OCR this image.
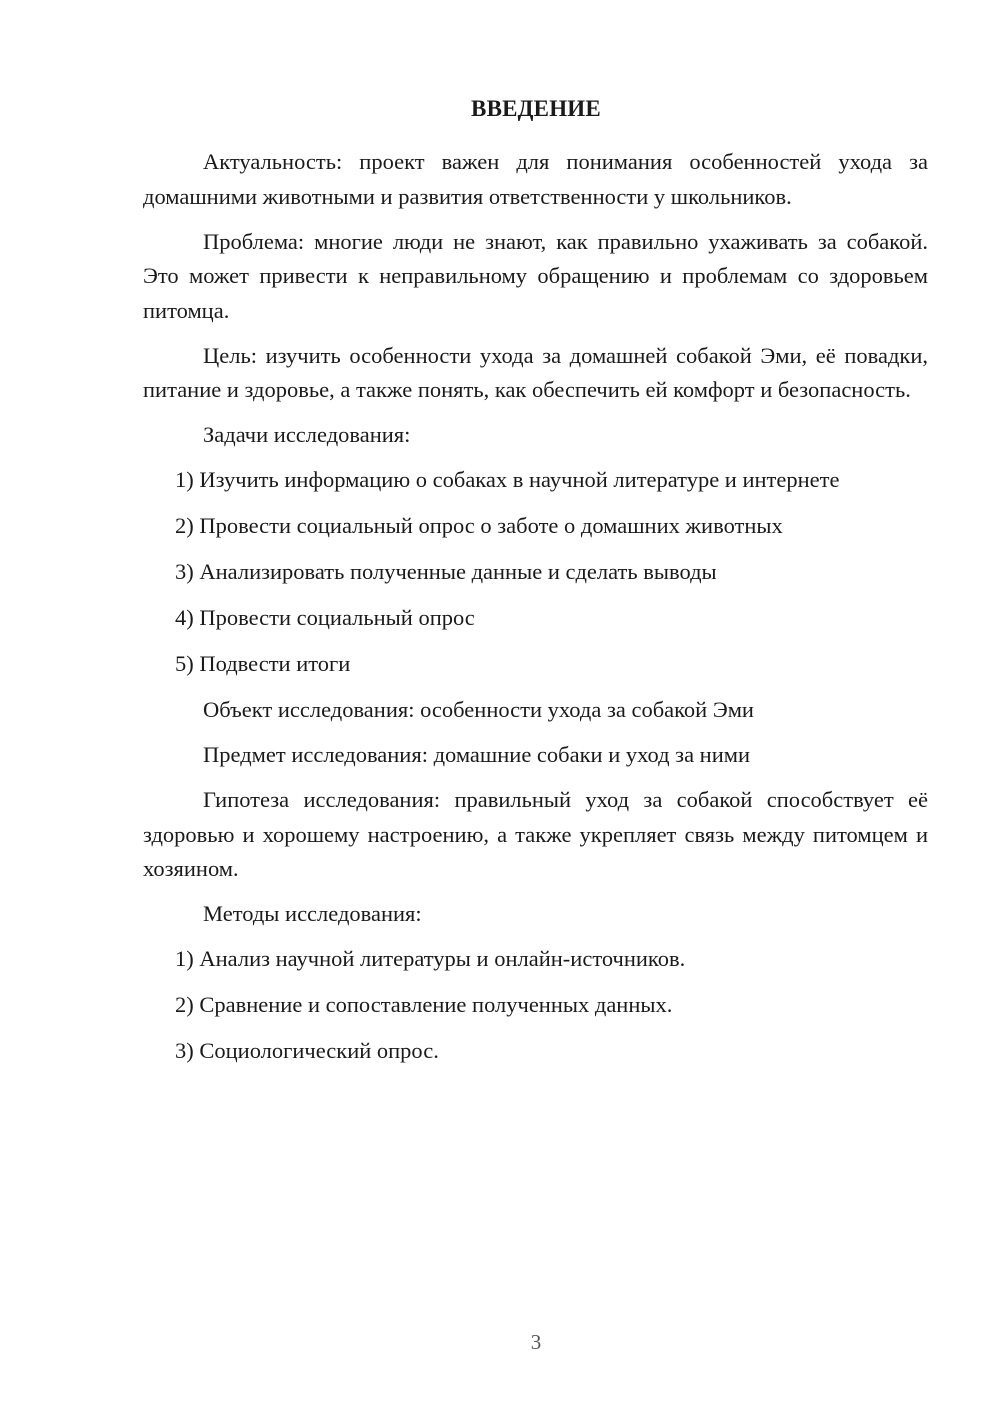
ВВЕДЕНИЕ

Актуальность: проект важен для понимания особенностей ухода за домашними животными и развития ответственности у школьников.

Проблема: многие люди не знают, как правильно ухаживать за собакой. Это может привести к неправильному обращению и проблемам со здоровьем питомца.

Цель: изучить особенности ухода за домашней собакой Эми, её повадки, питание и здоровье, а также понять, как обеспечить ей комфорт и безопасность.

Задачи исследования:

1) Изучить информацию о собаках в научной литературе и интернете

2) Провести социальный опрос о заботе о домашних животных

3) Анализировать полученные данные и сделать выводы

4) Провести социальный опрос

5) Подвести итоги

Объект исследования: особенности ухода за собакой Эми

Предмет исследования: домашние собаки и уход за ними

Гипотеза исследования: правильный уход за собакой способствует её здоровью и хорошему настроению, а также укрепляет связь между питомцем и хозяином.

Методы исследования:

1) Анализ научной литературы и онлайн-источников.

2) Сравнение и сопоставление полученных данных.

3) Социологический опрос.

3
